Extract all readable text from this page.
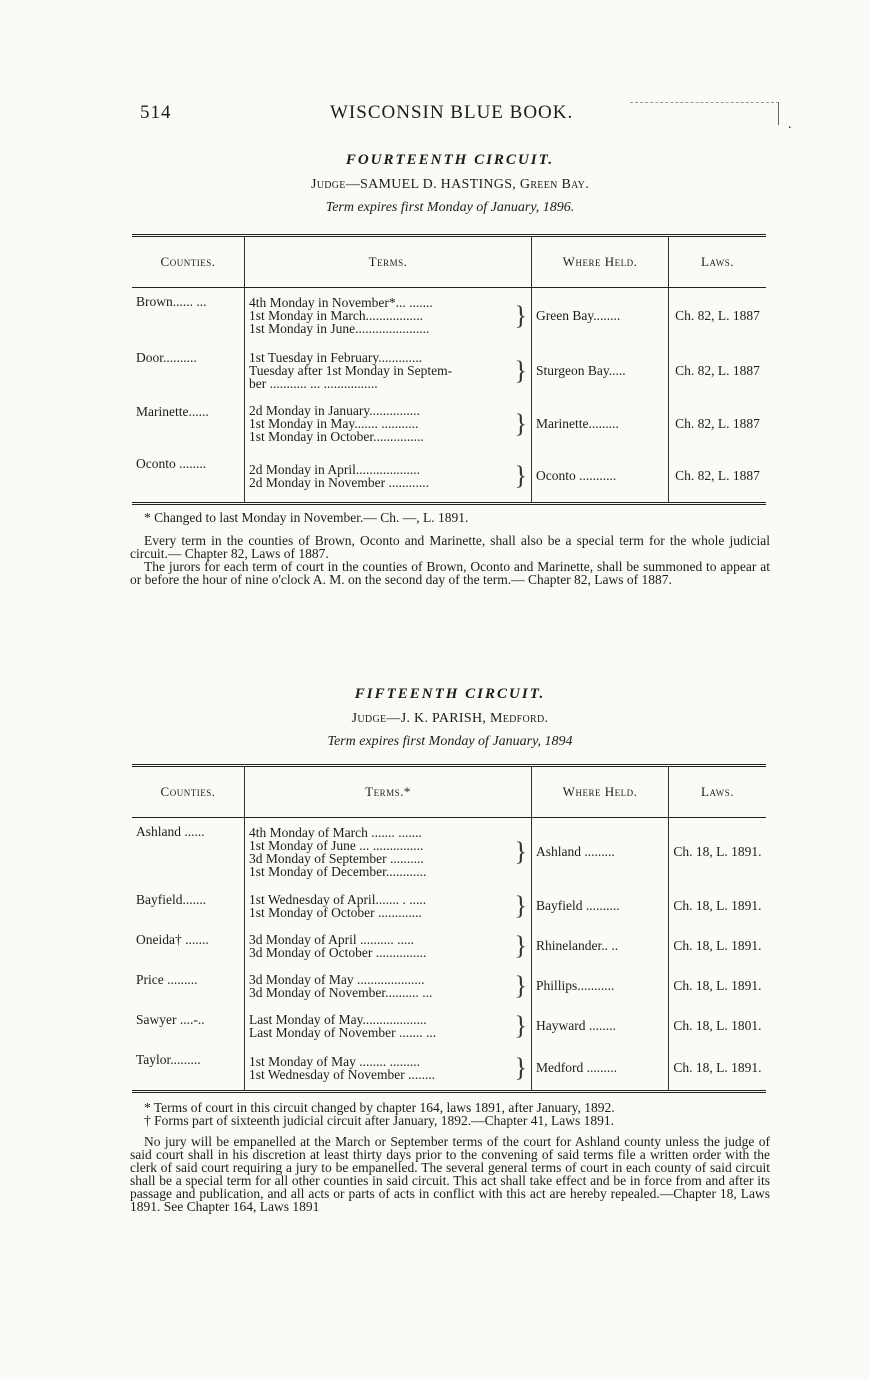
514	WISCONSIN BLUE BOOK.
·

FOURTEENTH CIRCUIT.

Judge—SAMUEL D. HASTINGS, Green Bay.
Term expires first Monday of January, 1896.
Counties.	Terms.	Where Held.	Laws.
Brown...... ...	4th Monday in November*... .......
1st Monday in March.................
1st Monday in June...................... }	Green Bay........	Ch. 82, L. 1887
Door..........	1st Tuesday in February.............
Tuesday after 1st Monday in Septem-
ber ........... ... ................ }	Sturgeon Bay.....	Ch. 82, L. 1887
Marinette......	2d Monday in January...............
1st Monday in May....... ...........
1st Monday in October............... }	Marinette.........	Ch. 82, L. 1887
Oconto ........	2d Monday in April...................
2d Monday in November ............ }	Oconto ...........	Ch. 82, L. 1887

* Changed to last Monday in November.— Ch. —, L. 1891.

Every term in the counties of Brown, Oconto and Marinette, shall also be a special term for the whole judicial circuit.— Chapter 82, Laws of 1887.

The jurors for each term of court in the counties of Brown, Oconto and Marinette, shall be summoned to appear at or before the hour of nine o'clock A. M. on the second day of the term.— Chapter 82, Laws of 1887.

FIFTEENTH CIRCUIT.

Judge—J. K. PARISH, Medford.
Term expires first Monday of January, 1894
Counties.	Terms.*	Where Held.	Laws.
Ashland ......	4th Monday of March ....... .......
1st Monday of June ... ...............
3d Monday of September ..........
1st Monday of December............
}	Ashland .........	Ch. 18, L. 1891.
Bayfield.......	1st Wednesday of April....... . .....
1st Monday of October ............. }	Bayfield ..........	Ch. 18, L. 1891.
Oneida† .......	3d Monday of April .......... .....
3d Monday of October ............... }	Rhinelander.. ..	Ch. 18, L. 1891.
Price .........	3d Monday of May ....................
3d Monday of November.......... ... }	Phillips...........	Ch. 18, L. 1891.
Sawyer ....-..	Last Monday of May...................
Last Monday of November ....... ... }	Hayward ........	Ch. 18, L. 1801.
Taylor.........	1st Monday of May ........ .........
1st Wednesday of November ........ }	Medford .........	Ch. 18, L. 1891.

* Terms of court in this circuit changed by chapter 164, laws 1891, after January, 1892.

† Forms part of sixteenth judicial circuit after January, 1892.—Chapter 41, Laws 1891.

No jury will be empanelled at the March or September terms of the court for Ashland county unless the judge of said court shall in his discretion at least thirty days prior to the convening of said terms file a written order with the clerk of said court requiring a jury to be empanelled. The several general terms of court in each county of said circuit shall be a special term for all other counties in said circuit. This act shall take effect and be in force from and after its passage and publication, and all acts or parts of acts in conflict with this act are hereby repealed.—Chapter 18, Laws 1891. See Chapter 164, Laws 1891
